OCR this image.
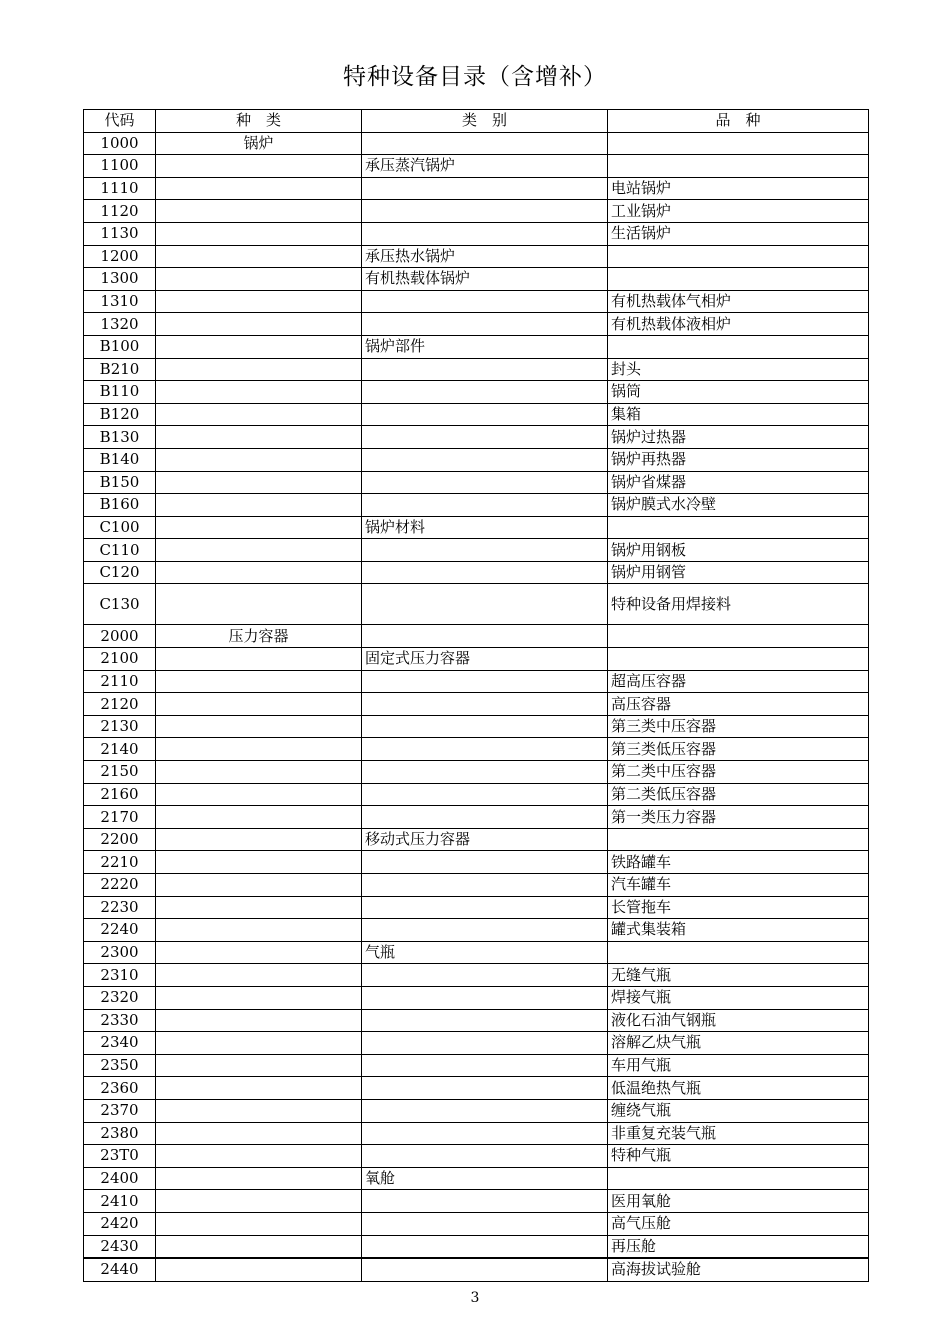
特种设备目录（含增补）
代码	种　类	类　别	品　种
1000	锅炉		
1100		承压蒸汽锅炉	
1110			电站锅炉
1120			工业锅炉
1130			生活锅炉
1200		承压热水锅炉	
1300		有机热载体锅炉	
1310			有机热载体气相炉
1320			有机热载体液相炉
B100		锅炉部件	
B210			封头
B110			锅筒
B120			集箱
B130			锅炉过热器
B140			锅炉再热器
B150			锅炉省煤器
B160			锅炉膜式水冷壁
C100		锅炉材料	
C110			锅炉用钢板
C120			锅炉用钢管
C130			特种设备用焊接料
2000	压力容器		
2100		固定式压力容器	
2110			超高压容器
2120			高压容器
2130			第三类中压容器
2140			第三类低压容器
2150			第二类中压容器
2160			第二类低压容器
2170			第一类压力容器
2200		移动式压力容器	
2210			铁路罐车
2220			汽车罐车
2230			长管拖车
2240			罐式集装箱
2300		气瓶	
2310			无缝气瓶
2320			焊接气瓶
2330			液化石油气钢瓶
2340			溶解乙炔气瓶
2350			车用气瓶
2360			低温绝热气瓶
2370			缠绕气瓶
2380			非重复充装气瓶
23T0			特种气瓶
2400		氧舱	
2410			医用氧舱
2420			高气压舱
2430			再压舱
2440			高海拔试验舱
3
